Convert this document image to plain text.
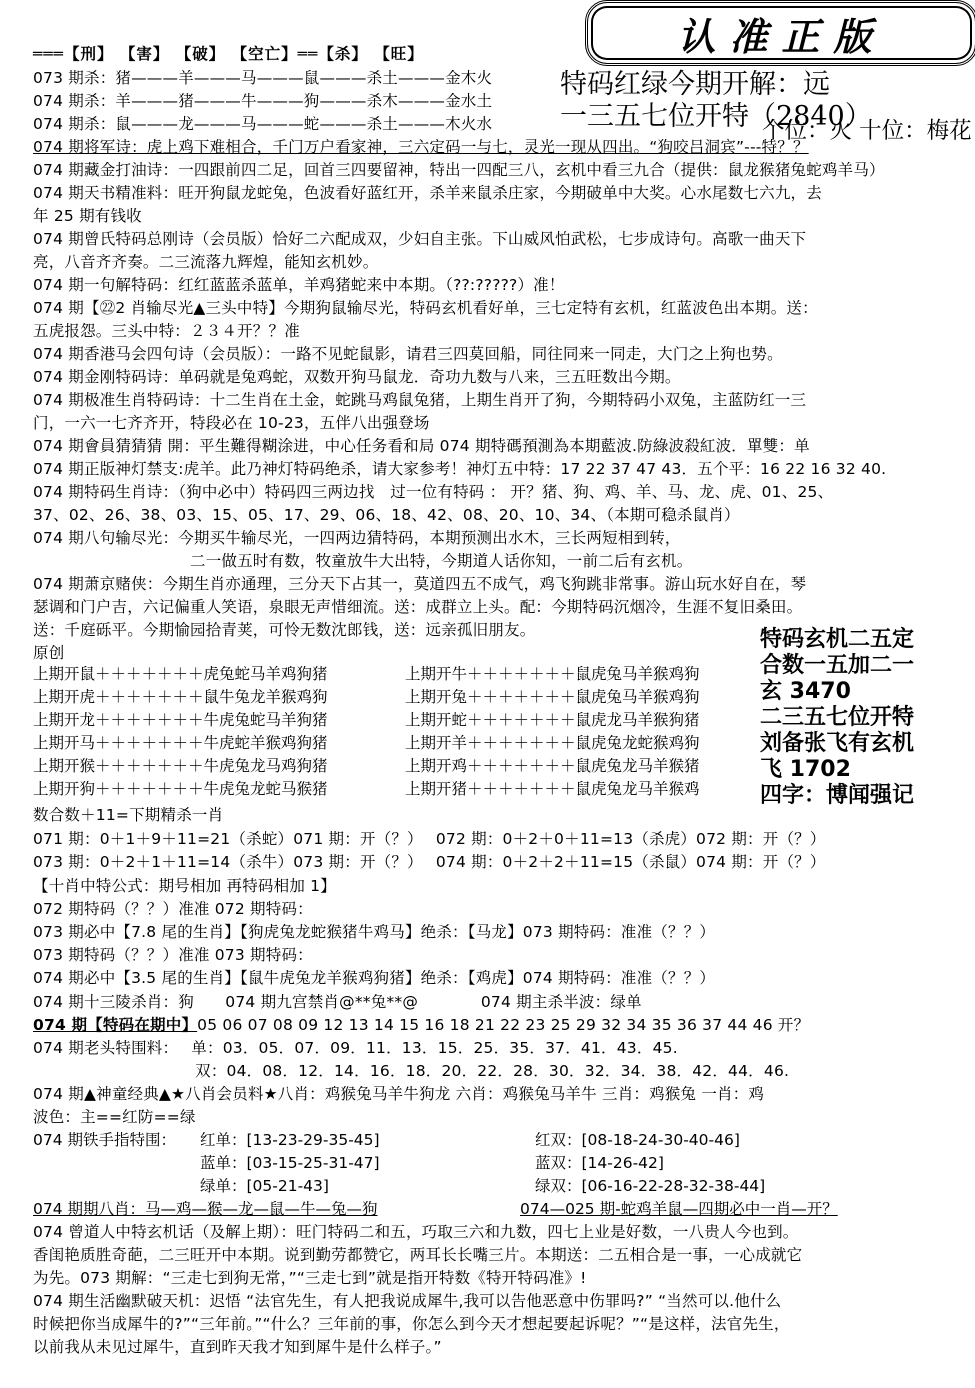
认准正版
═══【刑】 【害】 【破】 【空亡】══【杀】 【旺】
073 期杀：猪———羊———马———鼠———杀土———金木火
074 期杀：羊———猪———牛———狗———杀木———金水土
074 期杀：鼠———龙———马———蛇———杀土———木火水
特码红绿今期开解：远
一三五七位开特（2840）
个位：火 十位：梅花
074 期将军诗：虎上鸡下难相合，千门万户看家神，三六定码一与七，灵光一现从四出。“狗咬吕洞宾”---特？？
074 期藏金打油诗：一四跟前四二足，回首三四要留神，特出一四配三八，玄机中看三九合（提供：鼠龙猴猪兔蛇鸡羊马）
074 期天书精准料：旺开狗鼠龙蛇兔，色波看好蓝红开，杀羊来鼠杀庄家，今期破单中大奖。心水尾数七六九，去
年 25 期有钱收
074 期曾氏特码总刚诗（会员版）恰好二六配成双，少妇自主张。下山威风怕武松，七步成诗句。高歌一曲天下
亮，八音齐齐奏。二三流落九辉煌，能知玄机妙。
074 期一句解特码：红红蓝蓝杀蓝单，羊鸡猪蛇来中本期。（??:?????）准！
074 期【㉒2 肖输尽光▲三头中特】今期狗鼠输尽光，特码玄机看好单，三七定特有玄机，红蓝波色出本期。送：
五虎报怨。三头中特：２３４开？？准
074 期香港马会四句诗（会员版）：一路不见蛇鼠影，请君三四莫回船，同往同来一同走，大门之上狗也势。
074 期金刚特码诗：单码就是兔鸡蛇，双数开狗马鼠龙．奇功九数与八来，三五旺数出今期。
074 期极准生肖特码诗：十二生肖在土金，蛇跳马鸡鼠兔猪，上期生肖开了狗，今期特码小双兔，主蓝防红一三
门，一六一七齐齐开，特段必在 10-23，五伴八出强登场
074 期會員猜猜猜 開：平生難得糊涂进，中心任务看和局 074 期特碼預測為本期藍波.防綠波殺紅波．單雙：单
074 期正版神灯禁支:虎羊。此乃神灯特码绝杀，请大家参考！神灯五中特：17 22 37 47 43．五个平：16 22 16 32 40.
074 期特码生肖诗：（狗中必中）特码四三两边找　过一位有特码 ： 开？猪、狗、鸡、羊、马、龙、虎、01、25、
37、02、26、38、03、15、05、17、29、06、18、42、08、20、10、34、（本期可稳杀鼠肖）
074 期八句输尽光：今期买牛输尽光，一四两边猜特码，本期预测出水木，三长两短相到转，
　　　　　　　　　　二一做五时有数，牧童放牛大出特，今期道人话你知，一前二后有玄机。
074 期萧京赌侠：今期生肖亦通理，三分天下占其一，莫道四五不成气，鸡飞狗跳非常事。游山玩水好自在，琴
瑟调和门户吉，六记偏重人笑语，泉眼无声惜细流。送：成群立上头。配：今期特码沉烟冷，生涯不复旧桑田。
送：千庭砾平。今期愉园拾青荚，可怜无数沈郎钱，送：远亲孤旧朋友。
原创
特码玄机二五定
合数一五加二一
玄 3470
二三五七位开特
刘备张飞有玄机
飞 1702
四字：博闻强记
上期开鼠＋＋＋＋＋＋＋虎兔蛇马羊鸡狗猪
上期开虎＋＋＋＋＋＋＋鼠牛兔龙羊猴鸡狗
上期开龙＋＋＋＋＋＋＋牛虎兔蛇马羊狗猪
上期开马＋＋＋＋＋＋＋牛虎蛇羊猴鸡狗猪
上期开猴＋＋＋＋＋＋＋牛虎兔龙马鸡狗猪
上期开狗＋＋＋＋＋＋＋牛虎兔龙蛇马猴猪
上期开牛＋＋＋＋＋＋＋鼠虎兔马羊猴鸡狗
上期开兔＋＋＋＋＋＋＋鼠虎兔马羊猴鸡狗
上期开蛇＋＋＋＋＋＋＋鼠虎龙马羊猴狗猪
上期开羊＋＋＋＋＋＋＋鼠虎兔龙蛇猴鸡狗
上期开鸡＋＋＋＋＋＋＋鼠虎兔龙马羊猴猪
上期开猪＋＋＋＋＋＋＋鼠虎兔龙马羊猴鸡
数合数＋11=下期精杀一肖
071 期：0＋1＋9＋11=21（杀蛇）071 期：开（？）　 072 期：0＋2＋0＋11=13（杀虎）072 期：开（？）
073 期：0＋2＋1＋11=14（杀牛）073 期：开（？）　 074 期：0＋2＋2＋11=15（杀鼠）074 期：开（？）
【十肖中特公式：期号相加 再特码相加 1】
072 期特码（？？）准准 072 期特码：
073 期必中【7.8 尾的生肖】【狗虎兔龙蛇猴猪牛鸡马】绝杀：【马龙】073 期特码：准准（？？）
073 期特码（？？）准准 073 期特码：
074 期必中【3.5 尾的生肖】【鼠牛虎兔龙羊猴鸡狗猪】绝杀：【鸡虎】074 期特码：准准（？？）
074 期十三陵杀肖：狗　　074 期九宫禁肖@**兔**@　　　　074 期主杀半波：绿单
074 期【特码在期中】05 06 07 08 09 12 13 14 15 16 18 21 22 23 25 29 32 34 35 36 37 44 46 开？
074 期老头特围料：　 单：03．05．07．09．11．13．15．25．35．37．41．43．45.
　　　　　　　　　　 双：04．08．12．14．16．18．20．22．28．30．32．34．38．42．44．46.
074 期▲神童经典▲★八肖会员料★八肖：鸡猴兔马羊牛狗龙 六肖：鸡猴兔马羊牛 三肖：鸡猴兔 一肖：鸡
波色：主==红防==绿
074 期铁手指特围： 红单：[13-23-29-35-45]
蓝单：[03-15-25-31-47]
绿单：[05-21-43]
红双：[08-18-24-30-40-46]
蓝双：[14-26-42]
绿双：[06-16-22-28-32-38-44]
074 期期八肖：马—鸡—猴—龙—鼠—牛—兔—狗	074—025 期-蛇鸡羊鼠—四期必中一肖—开？
074 曾道人中特玄机话（及解上期）：旺门特码二和五，巧取三六和九数，四七上业是好数，一八贵人今也到。
香闺艳质胜奇葩，二三旺开中本期。说到勤劳都赞它，两耳长长嘴三片。本期送：二五相合是一事，一心成就它
为先。073 期解：“三走七到狗无常，”“三走七到”就是指开特数《特开特码准》!
074 期生活幽默破天机：迟悟 “法官先生，有人把我说成犀牛,我可以告他恶意中伤罪吗?” “当然可以.他什么
时候把你当成犀牛的?”“三年前。”“什么？三年前的事，你怎么到今天才想起要起诉呢？”“是这样，法官先生，
以前我从未见过犀牛，直到昨天我才知到犀牛是什么样子。”
